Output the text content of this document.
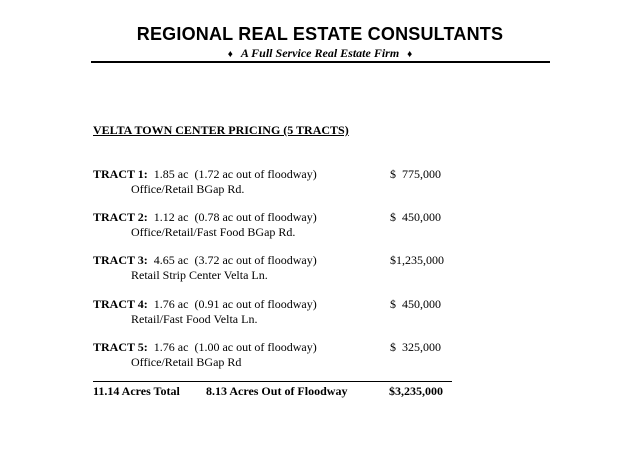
REGIONAL REAL ESTATE CONSULTANTS
♦ A Full Service Real Estate Firm ♦
VELTA TOWN CENTER PRICING (5 TRACTS)
TRACT 1: 1.85 ac  (1.72 ac out of floodway)
Office/Retail BGap Rd.
$  775,000
TRACT 2: 1.12 ac  (0.78 ac out of floodway)
Office/Retail/Fast Food BGap Rd.
$  450,000
TRACT 3: 4.65 ac  (3.72 ac out of floodway)
Retail Strip Center Velta Ln.
$1,235,000
TRACT 4: 1.76 ac  (0.91 ac out of floodway)
Retail/Fast Food Velta Ln.
$  450,000
TRACT 5: 1.76 ac  (1.00 ac out of floodway)
Office/Retail BGap Rd
$  325,000
11.14 Acres Total 8.13 Acres Out of Floodway	$3,235,000
